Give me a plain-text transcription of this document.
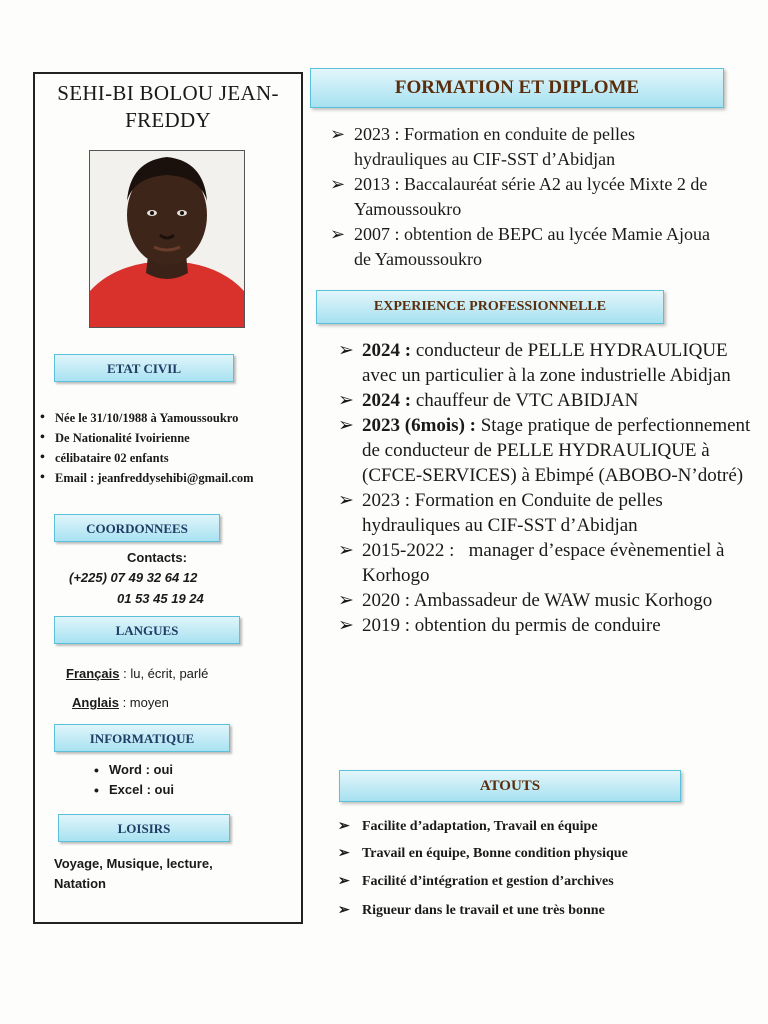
SEHI-BI BOLOU JEAN-FREDDY
ETAT CIVIL
• Née le 31/10/1988 à Yamoussoukro
• De Nationalité Ivoirienne
• célibataire 02 enfants
• Email : jeanfreddysehibi@gmail.com
COORDONNEES
Contacts:
(+225) 07 49 32 64 12
01 53 45 19 24
LANGUES
Français : lu, écrit, parlé
Anglais : moyen
INFORMATIQUE
• Word : oui
• Excel : oui
LOISIRS
Voyage, Musique, lecture, Natation
FORMATION ET DIPLOME
➢ 2023 : Formation en conduite de pelles hydrauliques au CIF-SST d’Abidjan
➢ 2013 : Baccalauréat série A2 au lycée Mixte 2 de Yamoussoukro
➢ 2007 : obtention de BEPC au lycée Mamie Ajoua de Yamoussoukro
EXPERIENCE PROFESSIONNELLE
➢ 2024 : conducteur de PELLE HYDRAULIQUE avec un particulier à la zone industrielle Abidjan
➢ 2024 : chauffeur de VTC ABIDJAN
➢ 2023 (6mois) : Stage pratique de perfectionnement de conducteur de PELLE HYDRAULIQUE à (CFCE-SERVICES) à Ebimpé (ABOBO-N’dotré)
➢ 2023 : Formation en Conduite de pelles hydrauliques au CIF-SST d’Abidjan
➢ 2015-2022 :   manager d’espace évènementiel à Korhogo
➢ 2020 : Ambassadeur de WAW music Korhogo
➢ 2019 : obtention du permis de conduire
ATOUTS
➢ Facilite d’adaptation, Travail en équipe
➢ Travail en équipe, Bonne condition physique
➢ Facilité d’intégration et gestion d’archives
➢ Rigueur dans le travail et une très bonne
